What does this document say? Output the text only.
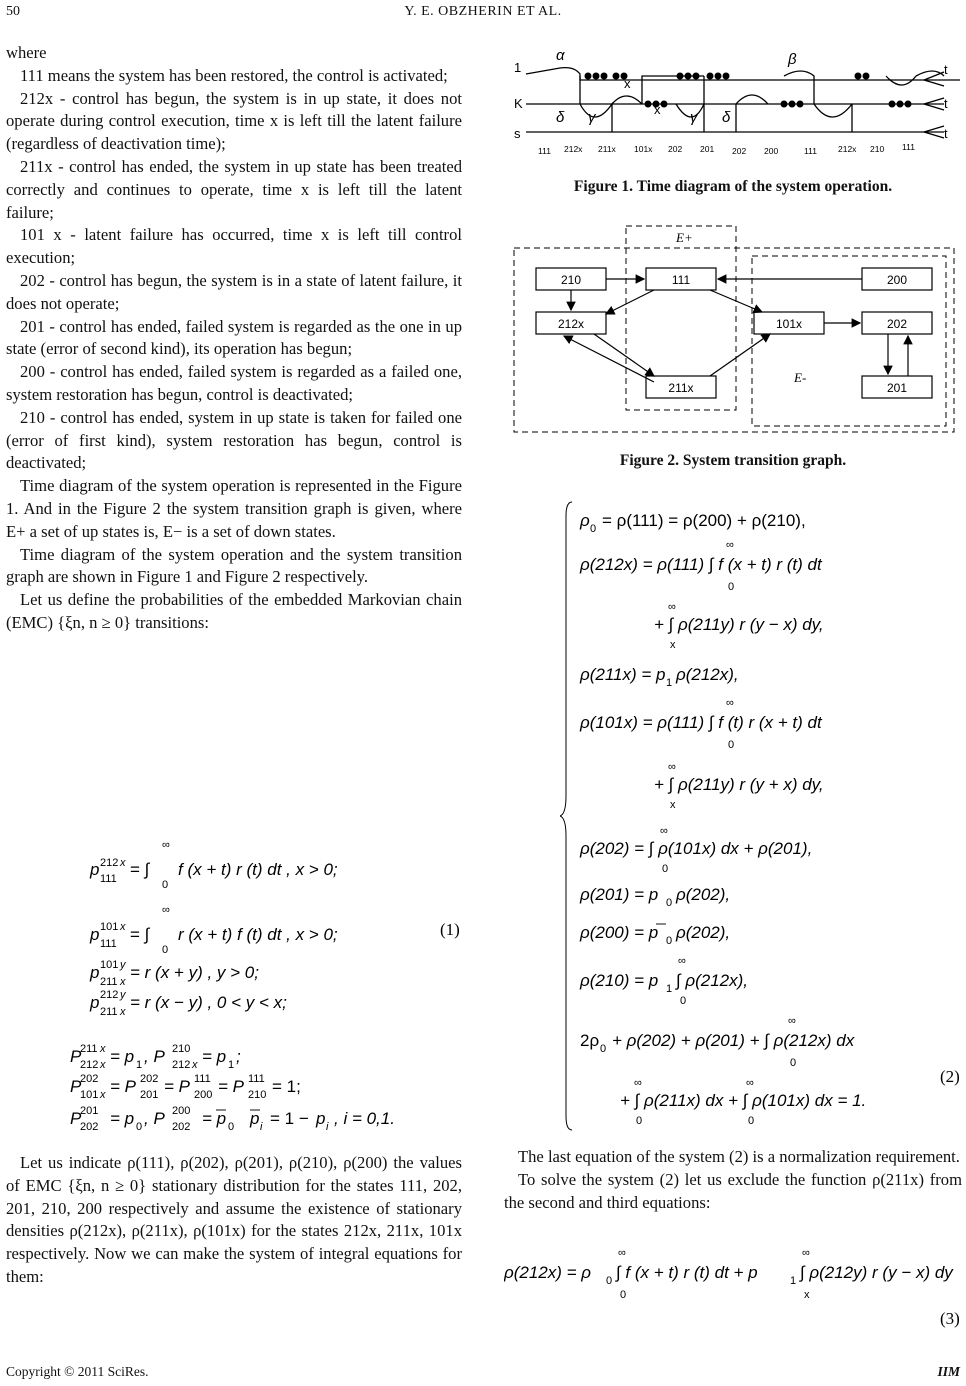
50	Y. E. OBZHERIN ET AL.

where

111 means the system has been restored, the control is activated;

212x - control has begun, the system is in up state, it does not operate during control execution, time x is left till the latent failure (regardless of deactivation time);

211x - control has ended, the system in up state has been treated correctly and continues to operate, time x is left till the latent failure;

101 x - latent failure has occurred, time x is left till control execution;

202 - control has begun, the system is in a state of latent failure, it does not operate;

201 - control has ended, failed system is regarded as the one in up state (error of second kind), its operation has begun;

200 - control has ended, failed system is regarded as a failed one, system restoration has begun, control is deactivated;

210 - control has ended, system in up state is taken for failed one (error of first kind), system restoration has begun, control is deactivated;

Time diagram of the system operation is represented in the Figure 1. And in the Figure 2 the system transition graph is given, where E+ a set of up states is, E− is a set of down states.

Time diagram of the system operation and the system transition graph are shown in Figure 1 and Figure 2 respectively.

Let us define the probabilities of the embedded Markovian chain (EMC) {ξn, n ≥ 0} transitions:

p 212 x
111 = ∫ f (x + t) r (t) dt , x > 0;
∞
0
p 101 x
111 = ∫ r (x + t) f (t) dt , x > 0;
∞
0
p 101 y
211 x = r (x + y) , y > 0;
p 212 y
211 x = r (x − y) , 0 < y < x;
P
211 x
212 x = p 1 , P 210
212 x = p 1 ;
P
202
101 x = P 202
201 = P 111
200 = P 111
210 = 1;
P
201
202 = p 0 , P 200
202 = p 0 p i = 1 − p i , i = 0,1.
(1)

Let us indicate ρ(111), ρ(202), ρ(201), ρ(210), ρ(200) the values of EMC {ξn, n ≥ 0} stationary distribution for the states 111, 202, 201, 210, 200 respectively and assume the existence of stationary densities ρ(212x), ρ(211x), ρ(101x) for the states 212x, 211x, 101x respectively. Now we can make the system of integral equations for them:

1
K
s
t
t
t
α	β
δ γ	γ δ
x
x
111 212x 211x 101x 202 201 202 200	111 212x 210 111
Figure 1. Time diagram of the system operation.
210	111	200
212x	101x	202
211x	201
E+
E-
Figure 2. System transition graph.
ρ 0 = ρ(111) = ρ(200) + ρ(210),
ρ(212x) = ρ(111) ∫ f (x + t) r (t) dt
∞
0
+ ∫ ρ(211y) r (y − x) dy,
∞
x
ρ(211x) = p 1 ρ(212x),
ρ(101x) = ρ(111) ∫ f (t) r (x + t) dt
∞
0
+ ∫ ρ(211y) r (y + x) dy,
∞
x
ρ(202) = ∫ ρ(101x) dx + ρ(201),
∞
0
ρ(201) = p 0 ρ(202),
ρ(200) = p 0 ρ(202),
ρ(210) = p 1 ∫ ρ(212x),
∞
0
2ρ 0 + ρ(202) + ρ(201) + ∫ ρ(212x) dx
∞
0
+ ∫ ρ(211x) dx + ∫ ρ(101x) dx = 1.
∞
0
∞
0
(2)

The last equation of the system (2) is a normalization requirement.

To solve the system (2) let us exclude the function ρ(211x) from the second and third equations:

ρ(212x) = ρ 0 ∫ f (x + t) r (t) dt + p	1 ∫ ρ(212y) r (y − x) dy
∞
0
∞
x
(3)
Copyright © 2011 SciRes.	IIM
